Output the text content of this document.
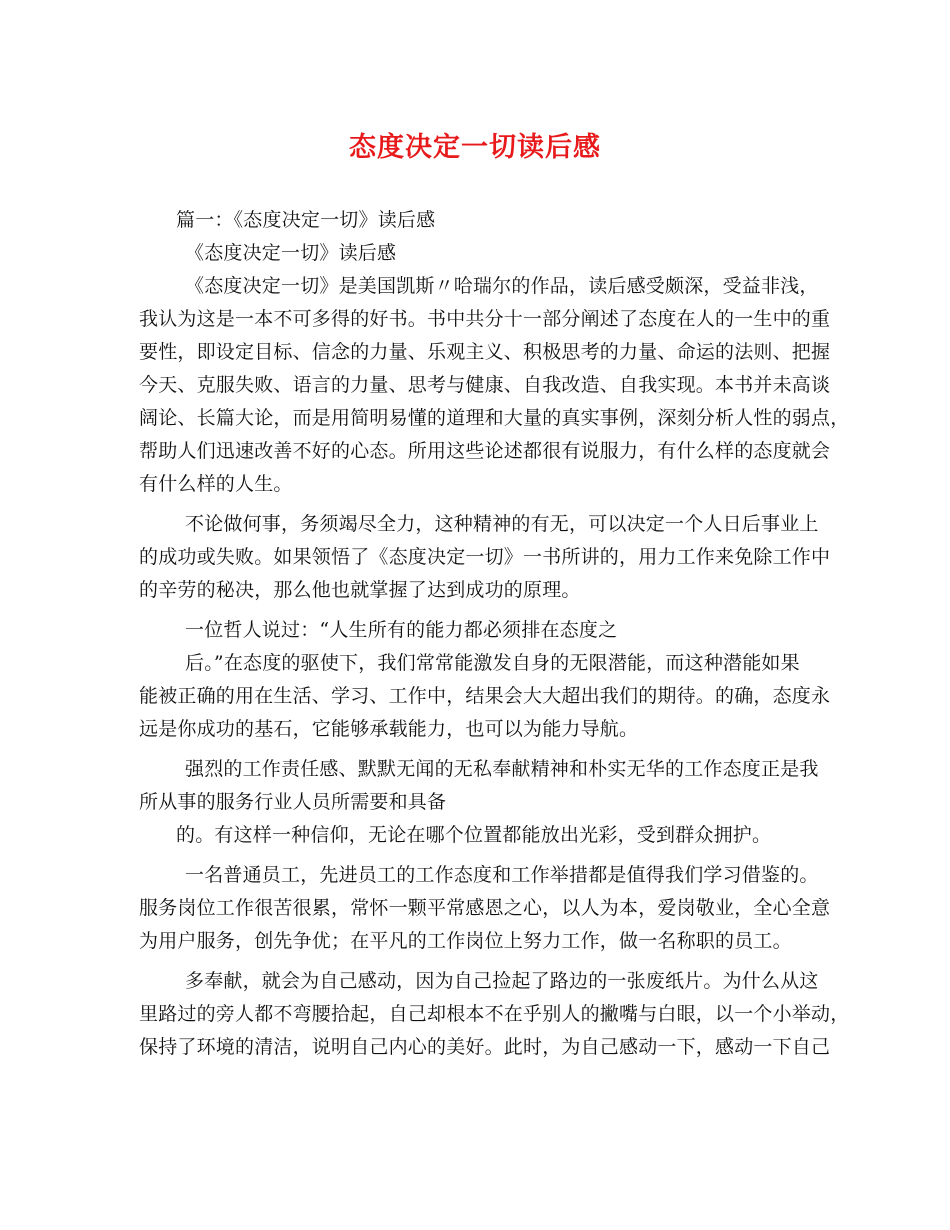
态度决定一切读后感
篇一：《态度决定一切》读后感
《态度决定一切》读后感
《态度决定一切》是美国凯斯〃哈瑞尔的作品，读后感受颇深，受益非浅，
我认为这是一本不可多得的好书。书中共分十一部分阐述了态度在人的一生中的重
要性，即设定目标、信念的力量、乐观主义、积极思考的力量、命运的法则、把握
今天、克服失败、语言的力量、思考与健康、自我改造、自我实现。本书并未高谈
阔论、长篇大论，而是用简明易懂的道理和大量的真实事例，深刻分析人性的弱点，
帮助人们迅速改善不好的心态。所用这些论述都很有说服力，有什么样的态度就会
有什么样的人生。
不论做何事，务须竭尽全力，这种精神的有无，可以决定一个人日后事业上
的成功或失败。如果领悟了《态度决定一切》一书所讲的，用力工作来免除工作中
的辛劳的秘决，那么他也就掌握了达到成功的原理。
一位哲人说过：“人生所有的能力都必须排在态度之
后。”在态度的驱使下，我们常常能激发自身的无限潜能，而这种潜能如果
能被正确的用在生活、学习、工作中，结果会大大超出我们的期待。的确，态度永
远是你成功的基石，它能够承载能力，也可以为能力导航。
强烈的工作责任感、默默无闻的无私奉献精神和朴实无华的工作态度正是我
所从事的服务行业人员所需要和具备
的。有这样一种信仰，无论在哪个位置都能放出光彩，受到群众拥护。
一名普通员工，先进员工的工作态度和工作举措都是值得我们学习借鉴的。
服务岗位工作很苦很累，常怀一颗平常感恩之心，以人为本，爱岗敬业，全心全意
为用户服务，创先争优；在平凡的工作岗位上努力工作，做一名称职的员工。
多奉献，就会为自己感动，因为自己捡起了路边的一张废纸片。为什么从这
里路过的旁人都不弯腰拾起，自己却根本不在乎别人的撇嘴与白眼，以一个小举动，
保持了环境的清洁，说明自己内心的美好。此时，为自己感动一下，感动一下自己
